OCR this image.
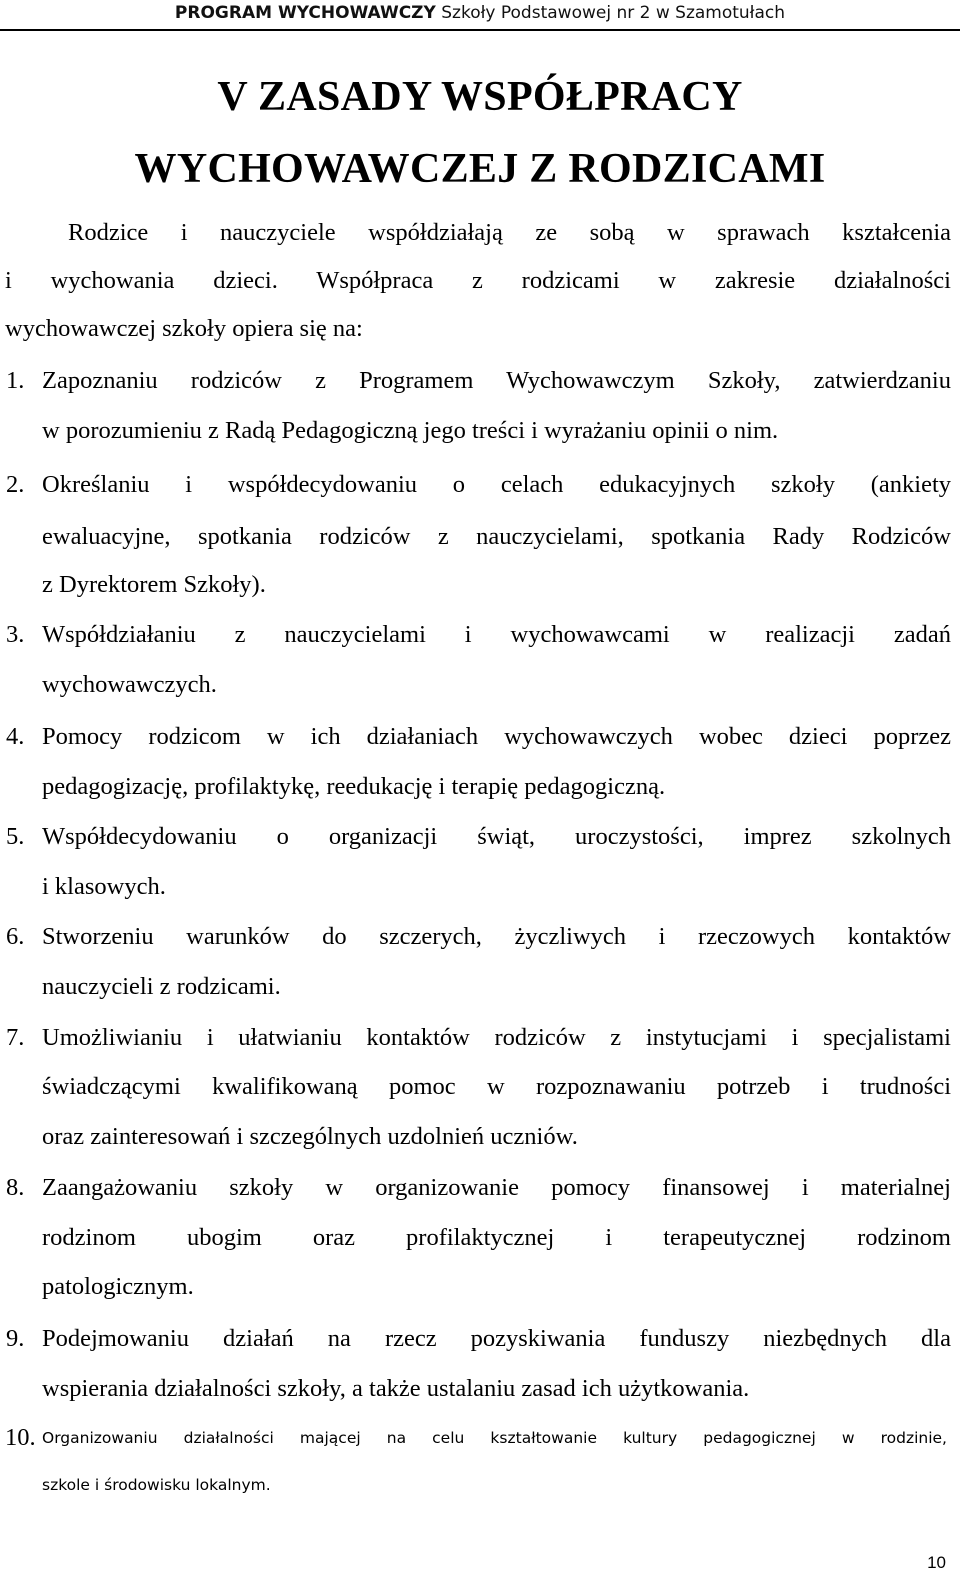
PROGRAM WYCHOWAWCZY Szkoły Podstawowej nr 2 w Szamotułach
V ZASADY WSPÓŁPRACY
WYCHOWAWCZEJ Z RODZICAMI
Rodzice i nauczyciele współdziałają ze sobą w sprawach kształcenia
i wychowania dzieci. Współpraca z rodzicami w zakresie działalności
wychowawczej szkoły opiera się na:
1. Zapoznaniu rodziców z Programem Wychowawczym Szkoły, zatwierdzaniu
w porozumieniu z Radą Pedagogiczną jego treści i wyrażaniu opinii o nim.
2. Określaniu i współdecydowaniu o celach edukacyjnych szkoły (ankiety
ewaluacyjne, spotkania rodziców z nauczycielami, spotkania Rady Rodziców
z Dyrektorem Szkoły).
3. Współdziałaniu z nauczycielami i wychowawcami w realizacji zadań
wychowawczych.
4. Pomocy rodzicom w ich działaniach wychowawczych wobec dzieci poprzez
pedagogizację, profilaktykę, reedukację i terapię pedagogiczną.
5. Współdecydowaniu o organizacji świąt, uroczystości, imprez szkolnych
i klasowych.
6. Stworzeniu warunków do szczerych, życzliwych i rzeczowych kontaktów
nauczycieli z rodzicami.
7. Umożliwianiu i ułatwianiu kontaktów rodziców z instytucjami i specjalistami
świadczącymi kwalifikowaną pomoc w rozpoznawaniu potrzeb i trudności
oraz zainteresowań i szczególnych uzdolnień uczniów.
8. Zaangażowaniu szkoły w organizowanie pomocy finansowej i materialnej
rodzinom ubogim oraz profilaktycznej i terapeutycznej rodzinom
patologicznym.
9. Podejmowaniu działań na rzecz pozyskiwania funduszy niezbędnych dla
wspierania działalności szkoły, a także ustalaniu zasad ich użytkowania.
10. Organizowaniu działalności mającej na celu kształtowanie kultury pedagogicznej w rodzinie,
szkole i środowisku lokalnym.
10
